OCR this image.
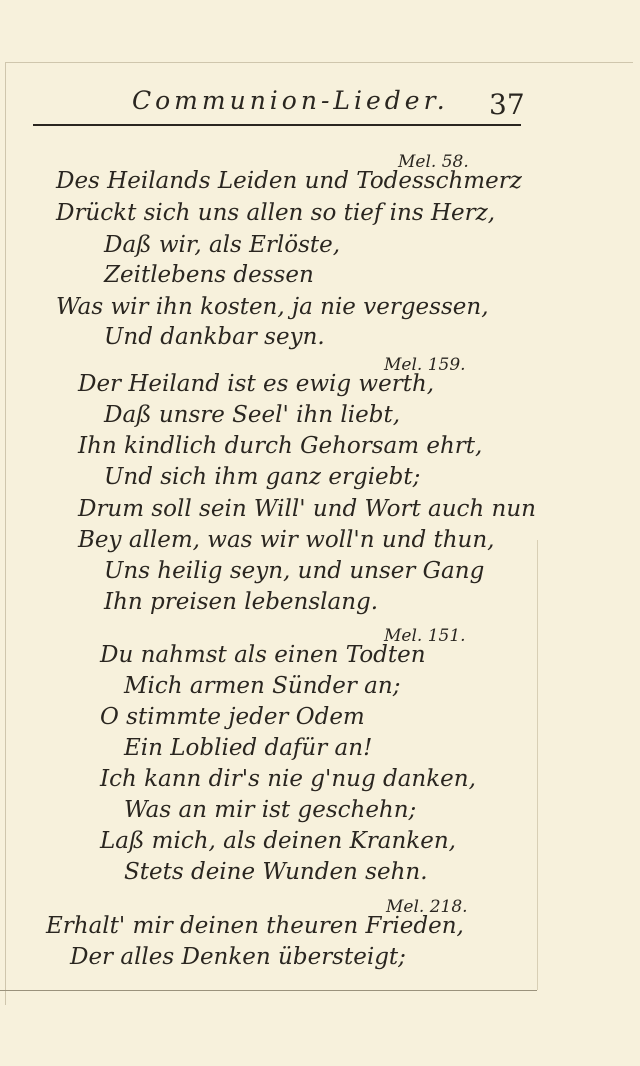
Communion-Lieder. 37
Mel. 58.
Des Heilands Leiden und Todesschmerz
Drückt sich uns allen so tief ins Herz,
Daß wir, als Erlöste,
Zeitlebens dessen
Was wir ihn kosten, ja nie vergessen,
Und dankbar seyn.
Mel. 159.
Der Heiland ist es ewig werth,
Daß unsre Seel' ihn liebt,
Ihn kindlich durch Gehorsam ehrt,
Und sich ihm ganz ergiebt;
Drum soll sein Will' und Wort auch nun
Bey allem, was wir woll'n und thun,
Uns heilig seyn, und unser Gang
Ihn preisen lebenslang.
Mel. 151.
Du nahmst als einen Todten
Mich armen Sünder an;
O stimmte jeder Odem
Ein Loblied dafür an!
Ich kann dir's nie g'nug danken,
Was an mir ist geschehn;
Laß mich, als deinen Kranken,
Stets deine Wunden sehn.
Mel. 218.
Erhalt' mir deinen theuren Frieden,
Der alles Denken übersteigt;
